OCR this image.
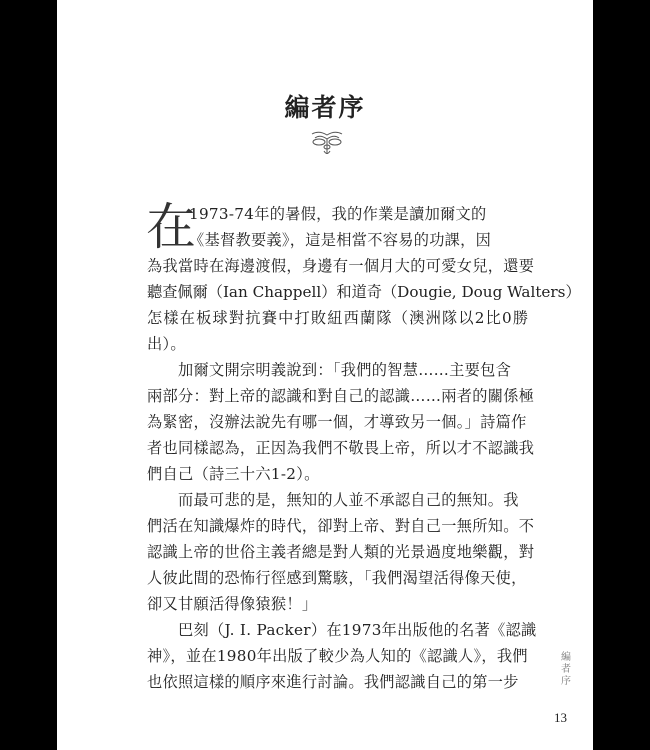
編者序
在
1973-74年的暑假，我的作業是讀加爾文的
《基督教要義》，這是相當不容易的功課，因
為我當時在海邊渡假，身邊有一個月大的可愛女兒，還要
聽查佩爾（Ian Chappell）和道奇（Dougie, Doug Walters）
怎樣在板球對抗賽中打敗紐西蘭隊（澳洲隊以2比0勝
出）。
加爾文開宗明義說到：「我們的智慧……主要包含
兩部分：對上帝的認識和對自己的認識……兩者的關係極
為緊密，沒辦法說先有哪一個，才導致另一個。」詩篇作
者也同樣認為，正因為我們不敬畏上帝，所以才不認識我
們自己（詩三十六1-2）。
而最可悲的是，無知的人並不承認自己的無知。我
們活在知識爆炸的時代，卻對上帝、對自己一無所知。不
認識上帝的世俗主義者總是對人類的光景過度地樂觀，對
人彼此間的恐怖行徑感到驚駭，「我們渴望活得像天使，
卻又甘願活得像猿猴！」
巴刻（J. I. Packer）在1973年出版他的名著《認識
神》，並在1980年出版了較少為人知的《認識人》，我們
也依照這樣的順序來進行討論。我們認識自己的第一步
編
者
序
13
